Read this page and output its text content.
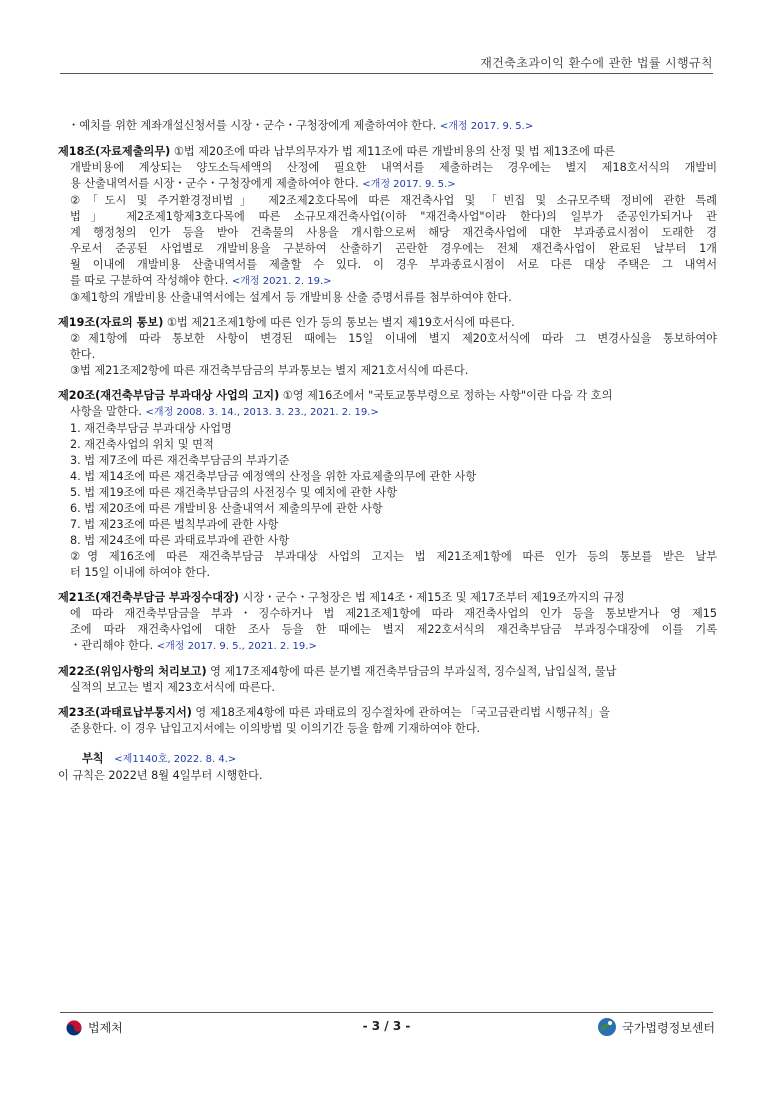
재건축초과이익 환수에 관한 법률 시행규칙
・예치를 위한 계좌개설신청서를 시장・군수・구청장에게 제출하여야 한다. <개정 2017. 9. 5.>
제18조(자료제출의무) ①법 제20조에 따라 납부의무자가 법 제11조에 따른 개발비용의 산정 및 법 제13조에 따른
개발비용에 계상되는 양도소득세액의 산정에 필요한 내역서를 제출하려는 경우에는 별지 제18호서식의 개발비
용 산출내역서를 시장・군수・구청장에게 제출하여야 한다. <개정 2017. 9. 5.>
②「도시 및 주거환경정비법」 제2조제2호다목에 따른 재건축사업 및 「빈집 및 소규모주택 정비에 관한 특례
법」 제2조제1항제3호다목에 따른 소규모재건축사업(이하 "재건축사업"이라 한다)의 일부가 준공인가되거나 관
계 행정청의 인가 등을 받아 건축물의 사용을 개시함으로써 해당 재건축사업에 대한 부과종료시점이 도래한 경
우로서 준공된 사업별로 개발비용을 구분하여 산출하기 곤란한 경우에는 전체 재건축사업이 완료된 날부터 1개
월 이내에 개발비용 산출내역서를 제출할 수 있다. 이 경우 부과종료시점이 서로 다른 대상 주택은 그 내역서
를 따로 구분하여 작성해야 한다. <개정 2021. 2. 19.>
③제1항의 개발비용 산출내역서에는 설계서 등 개발비용 산출 증명서류를 첨부하여야 한다.
제19조(자료의 통보) ①법 제21조제1항에 따른 인가 등의 통보는 별지 제19호서식에 따른다.
②제1항에 따라 통보한 사항이 변경된 때에는 15일 이내에 별지 제20호서식에 따라 그 변경사실을 통보하여야
한다.
③법 제21조제2항에 따른 재건축부담금의 부과통보는 별지 제21호서식에 따른다.
제20조(재건축부담금 부과대상 사업의 고지) ①영 제16조에서 "국토교통부령으로 정하는 사항"이란 다음 각 호의
사항을 말한다. <개정 2008. 3. 14., 2013. 3. 23., 2021. 2. 19.>
1. 재건축부담금 부과대상 사업명
2. 재건축사업의 위치 및 면적
3. 법 제7조에 따른 재건축부담금의 부과기준
4. 법 제14조에 따른 재건축부담금 예정액의 산정을 위한 자료제출의무에 관한 사항
5. 법 제19조에 따른 재건축부담금의 사전징수 및 예치에 관한 사항
6. 법 제20조에 따른 개발비용 산출내역서 제출의무에 관한 사항
7. 법 제23조에 따른 벌칙부과에 관한 사항
8. 법 제24조에 따른 과태료부과에 관한 사항
②영 제16조에 따른 재건축부담금 부과대상 사업의 고지는 법 제21조제1항에 따른 인가 등의 통보를 받은 날부
터 15일 이내에 하여야 한다.
제21조(재건축부담금 부과징수대장) 시장・군수・구청장은 법 제14조・제15조 및 제17조부터 제19조까지의 규정
에 따라 재건축부담금을 부과・징수하거나 법 제21조제1항에 따라 재건축사업의 인가 등을 통보받거나 영 제15
조에 따라 재건축사업에 대한 조사 등을 한 때에는 별지 제22호서식의 재건축부담금 부과징수대장에 이를 기록
・관리해야 한다. <개정 2017. 9. 5., 2021. 2. 19.>
제22조(위임사항의 처리보고) 영 제17조제4항에 따른 분기별 재건축부담금의 부과실적, 징수실적, 납입실적, 물납
실적의 보고는 별지 제23호서식에 따른다.
제23조(과태료납부통지서) 영 제18조제4항에 따른 과태료의 징수절차에 관하여는 「국고금관리법 시행규칙」을
준용한다. 이 경우 납입고지서에는 이의방법 및 이의기간 등을 함께 기재하여야 한다.
부칙 <제1140호, 2022. 8. 4.>
이 규칙은 2022년 8월 4일부터 시행한다.
법제처	- 3 / 3 -	국가법령정보센터
